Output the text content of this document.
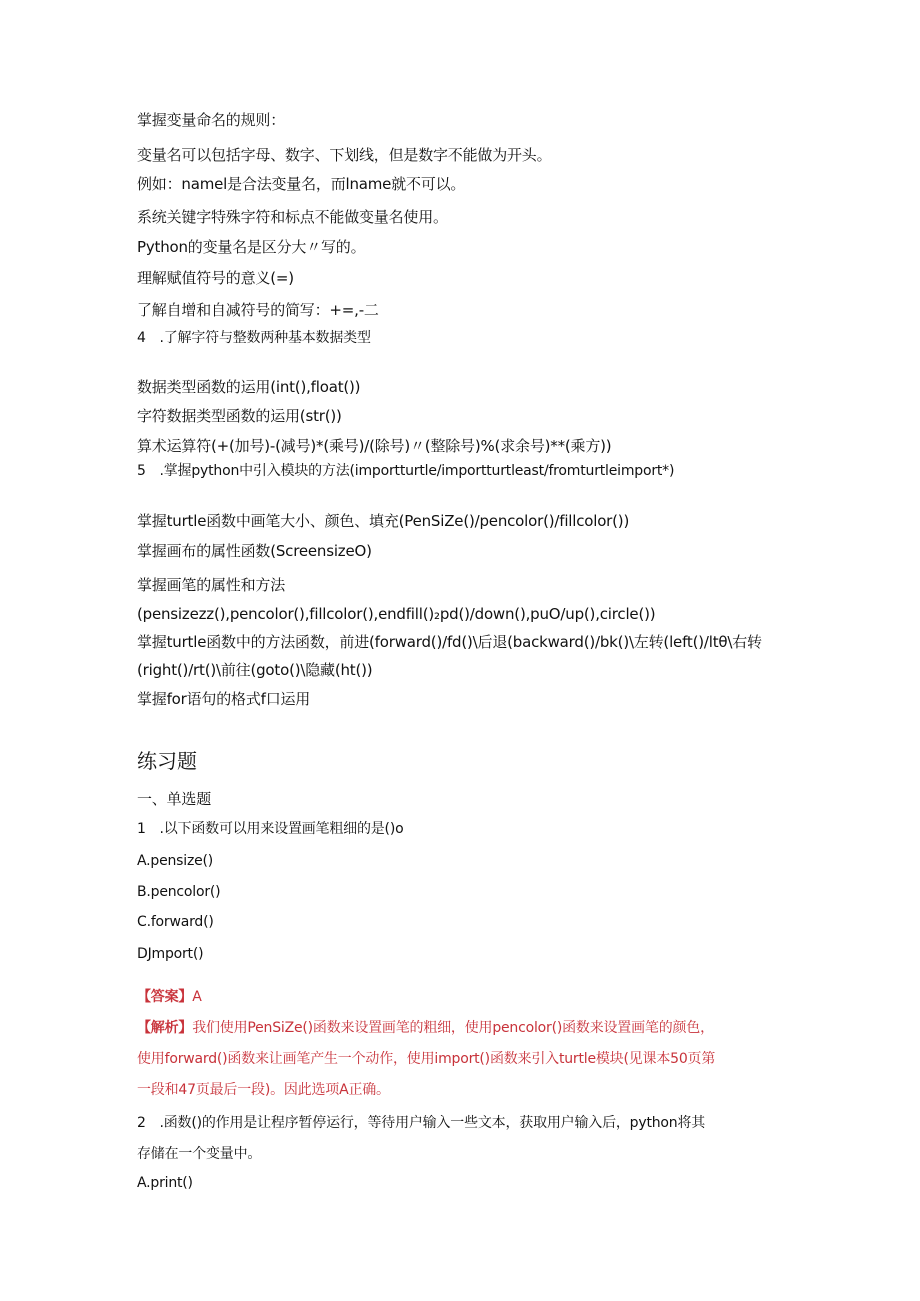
掌握变量命名的规则：
变量名可以包括字母、数字、下划线，但是数字不能做为开头。
例如：namel是合法变量名，而lname就不可以。
系统关键字特殊字符和标点不能做变量名使用。
Python的变量名是区分大〃写的。
理解赋值符号的意义(=)
了解自增和自减符号的简写：+=,-二
4　.了解字符与整数两种基本数据类型
数据类型函数的运用(int(),float())
字符数据类型函数的运用(str())
算术运算符(+(加号)-(减号)*(乘号)/(除号)〃(整除号)%(求余号)**(乘方))
5　.掌握python中引入模块的方法(importturtle/importturtleast/fromturtleimport*)
掌握turtle函数中画笔大小、颜色、填充(PenSiZe()/pencolor()/fillcolor())
掌握画布的属性函数(ScreensizeO)
掌握画笔的属性和方法
(pensizezz(),pencolor(),fillcolor(),endfill()₂pd()/down(),puO/up(),circle())
掌握turtle函数中的方法函数，前进(forward()/fd()\后退(backward()/bk()\左转(left()/ltθ\右转
(right()/rt()\前往(goto()\隐藏(ht())
掌握for语句的格式f口运用
练习题
一、单选题
1　.以下函数可以用来设置画笔粗细的是()o
A.pensize()
B.pencolor()
C.forward()
DJmport()
【答案】A
【解析】我们使用PenSiZe()函数来设置画笔的粗细，使用pencolor()函数来设置画笔的颜色，
使用forward()函数来让画笔产生一个动作，使用import()函数来引入turtle模块(见课本50页第
一段和47页最后一段)。因此选项A正确。
2　.函数()的作用是让程序暂停运行，等待用户输入一些文本，获取用户输入后，python将其
存储在一个变量中。
A.print()
